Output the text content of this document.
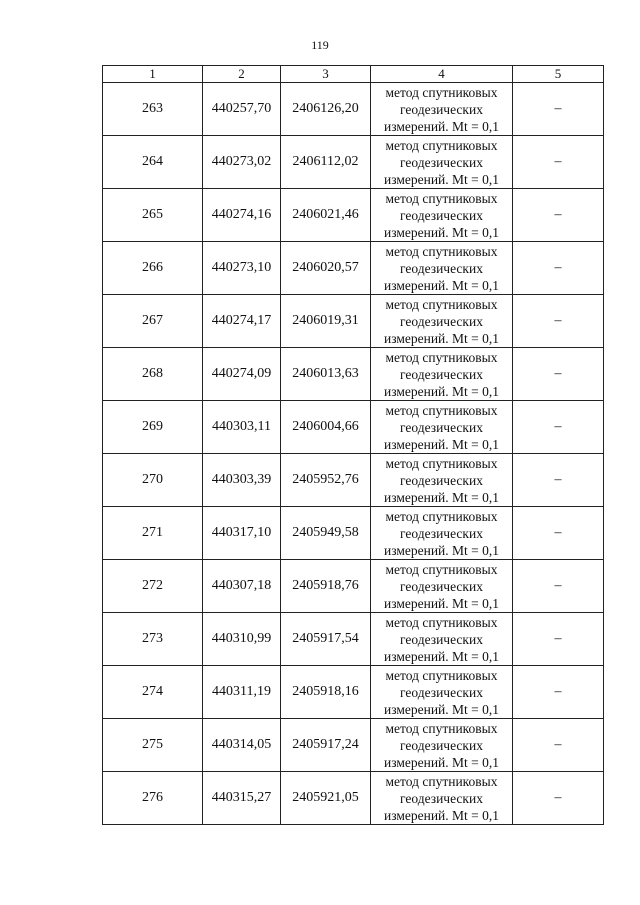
119
1	2	3	4	5
263	440257,70	2406126,20	метод спутниковых
геодезических
измерений. Mt = 0,1	–
264	440273,02	2406112,02	метод спутниковых
геодезических
измерений. Mt = 0,1	–
265	440274,16	2406021,46	метод спутниковых
геодезических
измерений. Mt = 0,1	–
266	440273,10	2406020,57	метод спутниковых
геодезических
измерений. Mt = 0,1	–
267	440274,17	2406019,31	метод спутниковых
геодезических
измерений. Mt = 0,1	–
268	440274,09	2406013,63	метод спутниковых
геодезических
измерений. Mt = 0,1	–
269	440303,11	2406004,66	метод спутниковых
геодезических
измерений. Mt = 0,1	–
270	440303,39	2405952,76	метод спутниковых
геодезических
измерений. Mt = 0,1	–
271	440317,10	2405949,58	метод спутниковых
геодезических
измерений. Mt = 0,1	–
272	440307,18	2405918,76	метод спутниковых
геодезических
измерений. Mt = 0,1	–
273	440310,99	2405917,54	метод спутниковых
геодезических
измерений. Mt = 0,1	–
274	440311,19	2405918,16	метод спутниковых
геодезических
измерений. Mt = 0,1	–
275	440314,05	2405917,24	метод спутниковых
геодезических
измерений. Mt = 0,1	–
276	440315,27	2405921,05	метод спутниковых
геодезических
измерений. Mt = 0,1	–
